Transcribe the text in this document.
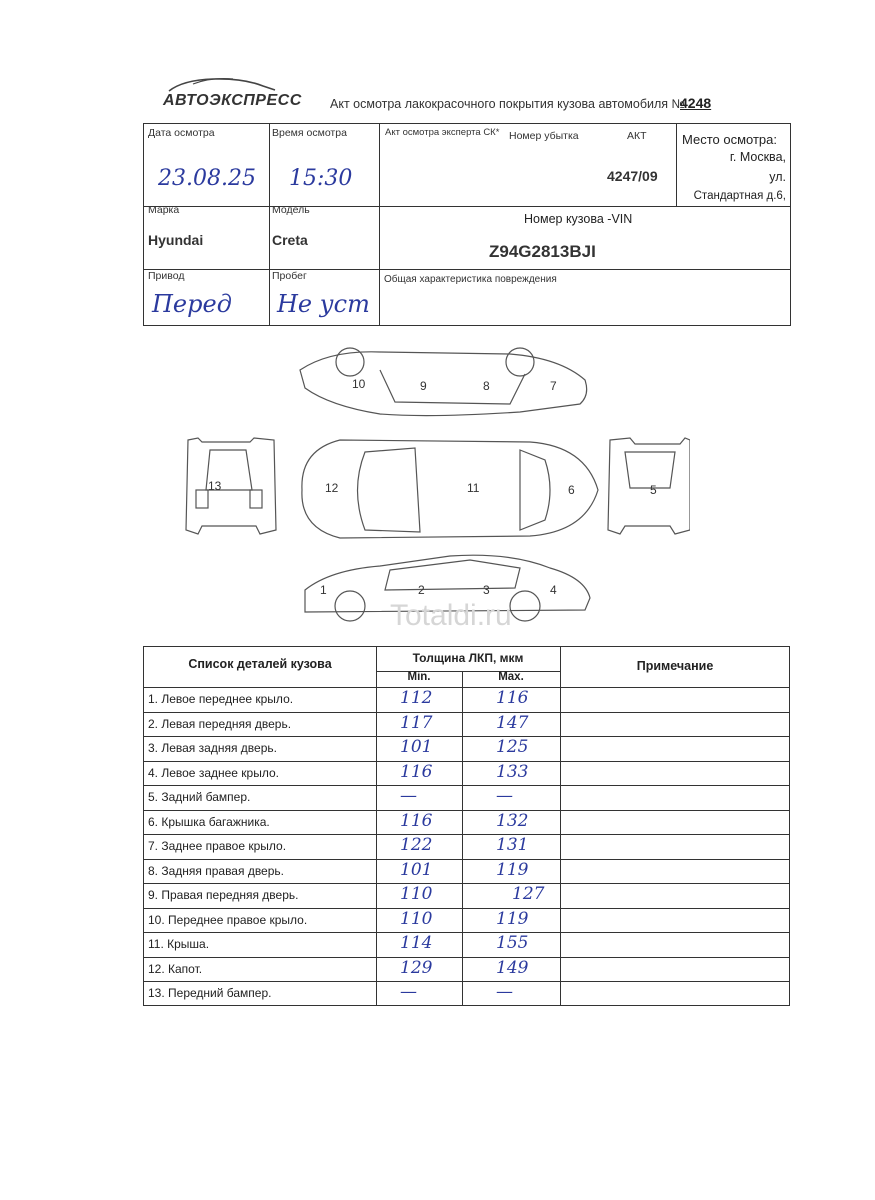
АВТОЭКСПРЕСС Акт осмотра лакокрасочного покрытия кузова автомобиля №
4248
Дата осмотра
23.08.25
Время осмотра
15:30
Акт осмотра эксперта СК* Номер убытка	АКТ
4247/09
Место осмотра:
г. Москва,
ул.
Стандартная д.6,
Марка
Hyundai
Модель
Creta
Номер кузова -VIN
Z94G2813BJI
Привод
Перед
Пробег
Не уст
Общая характеристика повреждения
10	9	8	7
13	12	11	6	5
1	2	3	4
Totaldi.ru
Список деталей кузова	Толщина ЛКП, мкм
Min.	Max.
Примечание
1. Левое переднее крыло.	112	116
2. Левая передняя дверь.	117	147
3. Левая задняя дверь.	101	125
4. Левое заднее крыло.	116	133
5. Задний бампер.	—	—
6. Крышка багажника.	116	132
7. Заднее правое крыло.	122	131
8. Задняя правая дверь.	101	119
9. Правая передняя дверь.	110	127
10. Переднее правое крыло.	110	119
11. Крыша.	114	155
12. Капот.	129	149
13. Передний бампер.	—	—
